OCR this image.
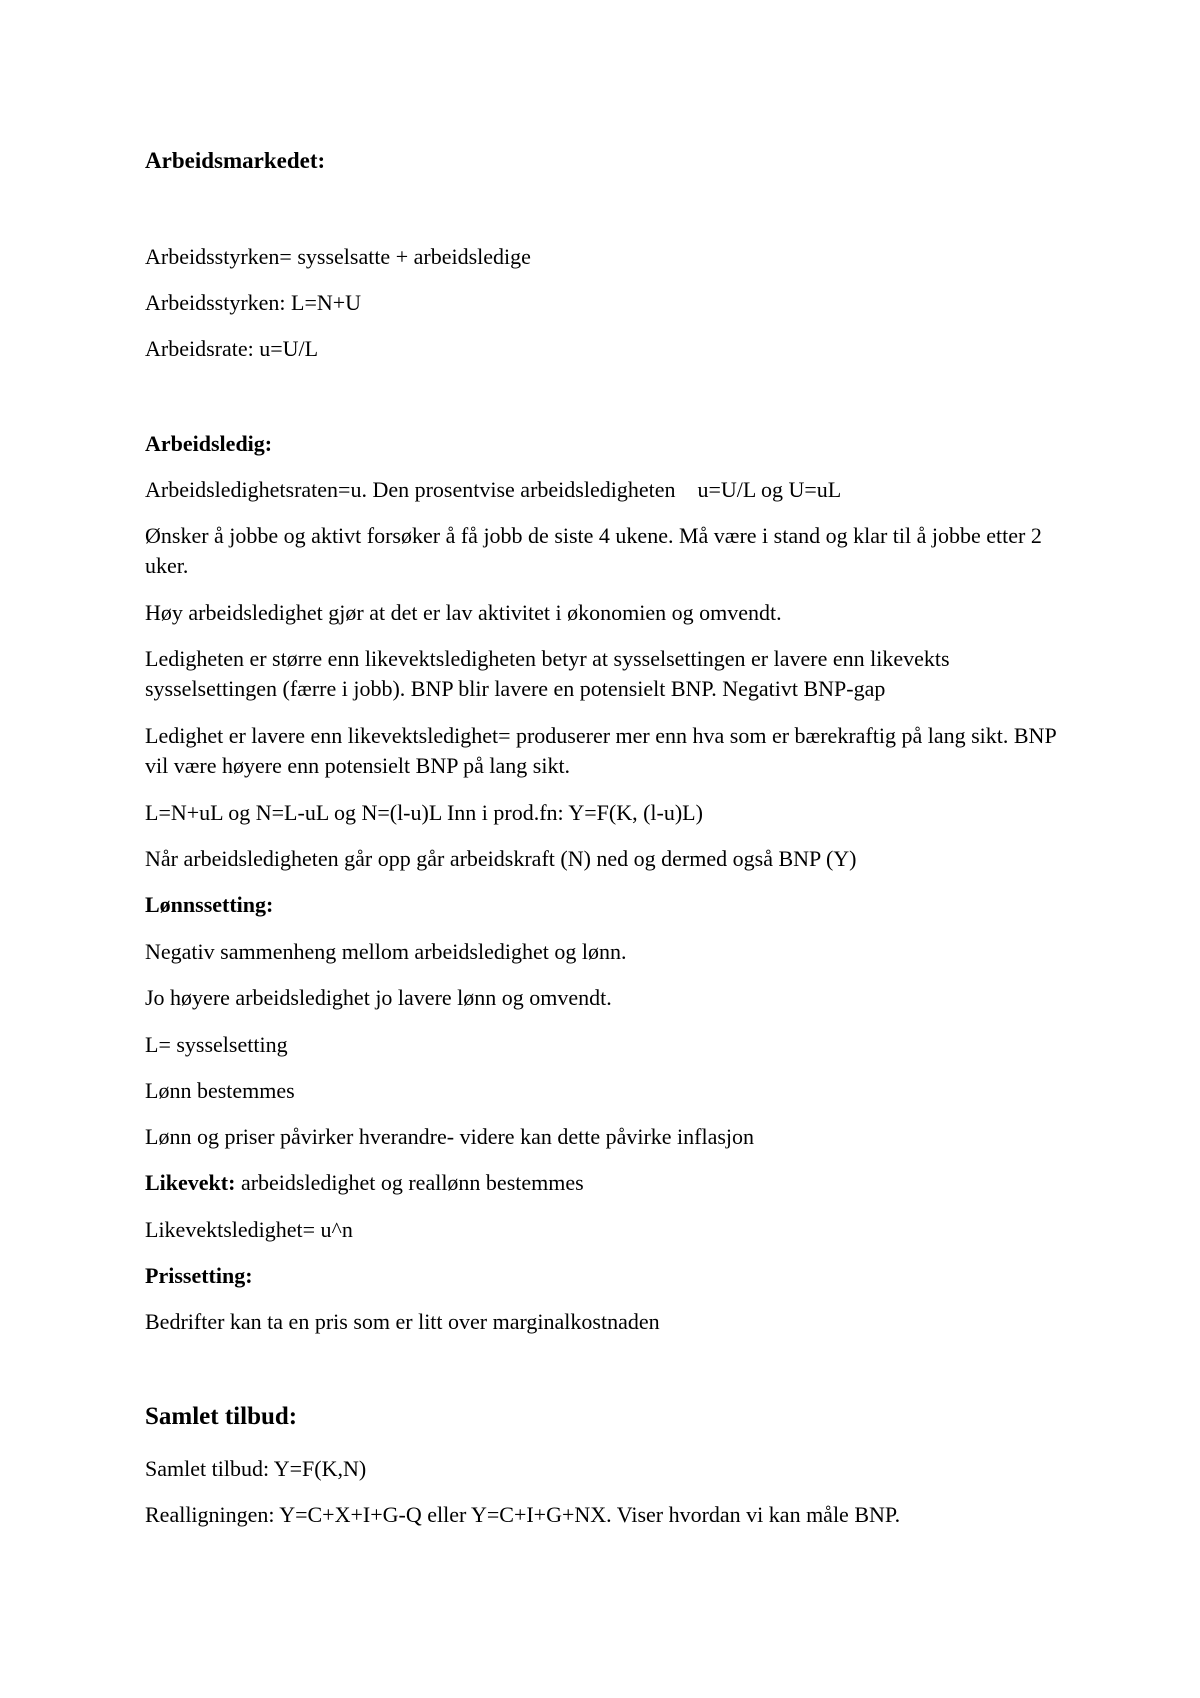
Arbeidsmarkedet:
Arbeidsstyrken= sysselsatte + arbeidsledige
Arbeidsstyrken: L=N+U
Arbeidsrate: u=U/L
Arbeidsledig:
Arbeidsledighetsraten=u. Den prosentvise arbeidsledigheten    u=U/L og U=uL
Ønsker å jobbe og aktivt forsøker å få jobb de siste 4 ukene. Må være i stand og klar til å jobbe etter 2 uker.
Høy arbeidsledighet gjør at det er lav aktivitet i økonomien og omvendt.
Ledigheten er større enn likevektsledigheten betyr at sysselsettingen er lavere enn likevekts sysselsettingen (færre i jobb). BNP blir lavere en potensielt BNP. Negativt BNP-gap
Ledighet er lavere enn likevektsledighet= produserer mer enn hva som er bærekraftig på lang sikt. BNP vil være høyere enn potensielt BNP på lang sikt.
L=N+uL og N=L-uL og N=(l-u)L Inn i prod.fn: Y=F(K, (l-u)L)
Når arbeidsledigheten går opp går arbeidskraft (N) ned og dermed også BNP (Y)
Lønnssetting:
Negativ sammenheng mellom arbeidsledighet og lønn.
Jo høyere arbeidsledighet jo lavere lønn og omvendt.
L= sysselsetting
Lønn bestemmes
Lønn og priser påvirker hverandre- videre kan dette påvirke inflasjon
Likevekt: arbeidsledighet og reallønn bestemmes
Likevektsledighet= u^n
Prissetting:
Bedrifter kan ta en pris som er litt over marginalkostnaden
Samlet tilbud:
Samlet tilbud: Y=F(K,N)
Realligningen: Y=C+X+I+G-Q eller Y=C+I+G+NX. Viser hvordan vi kan måle BNP.
